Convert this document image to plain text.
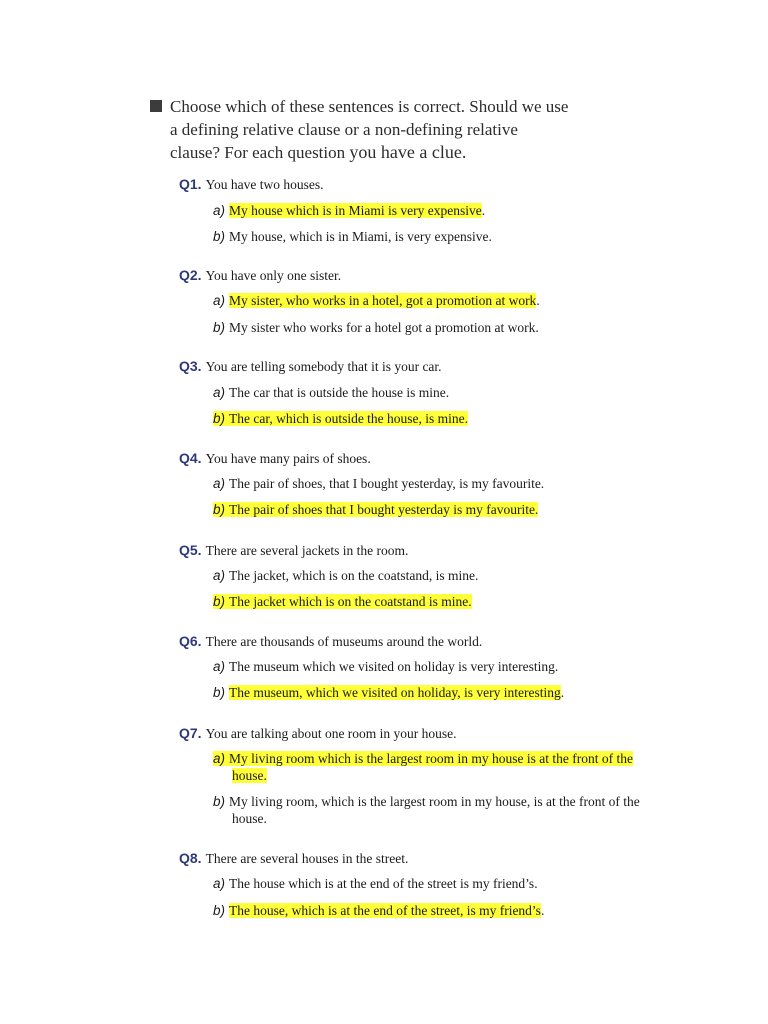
Choose which of these sentences is correct. Should we use
a defining relative clause or a non-defining relative
clause? For each question you have a clue.
Q1. You have two houses.
a) My house which is in Miami is very expensive.
b) My house, which is in Miami, is very expensive.
Q2. You have only one sister.
a) My sister, who works in a hotel, got a promotion at work.
b) My sister who works for a hotel got a promotion at work.
Q3. You are telling somebody that it is your car.
a) The car that is outside the house is mine.
b) The car, which is outside the house, is mine.
Q4. You have many pairs of shoes.
a) The pair of shoes, that I bought yesterday, is my favourite.
b) The pair of shoes that I bought yesterday is my favourite.
Q5. There are several jackets in the room.
a) The jacket, which is on the coatstand, is mine.
b) The jacket which is on the coatstand is mine.
Q6. There are thousands of museums around the world.
a) The museum which we visited on holiday is very interesting.
b) The museum, which we visited on holiday, is very interesting.
Q7. You are talking about one room in your house.
a) My living room which is the largest room in my house is at the front of the
house.
b) My living room, which is the largest room in my house, is at the front of the
house.
Q8. There are several houses in the street.
a) The house which is at the end of the street is my friend’s.
b) The house, which is at the end of the street, is my friend’s.
